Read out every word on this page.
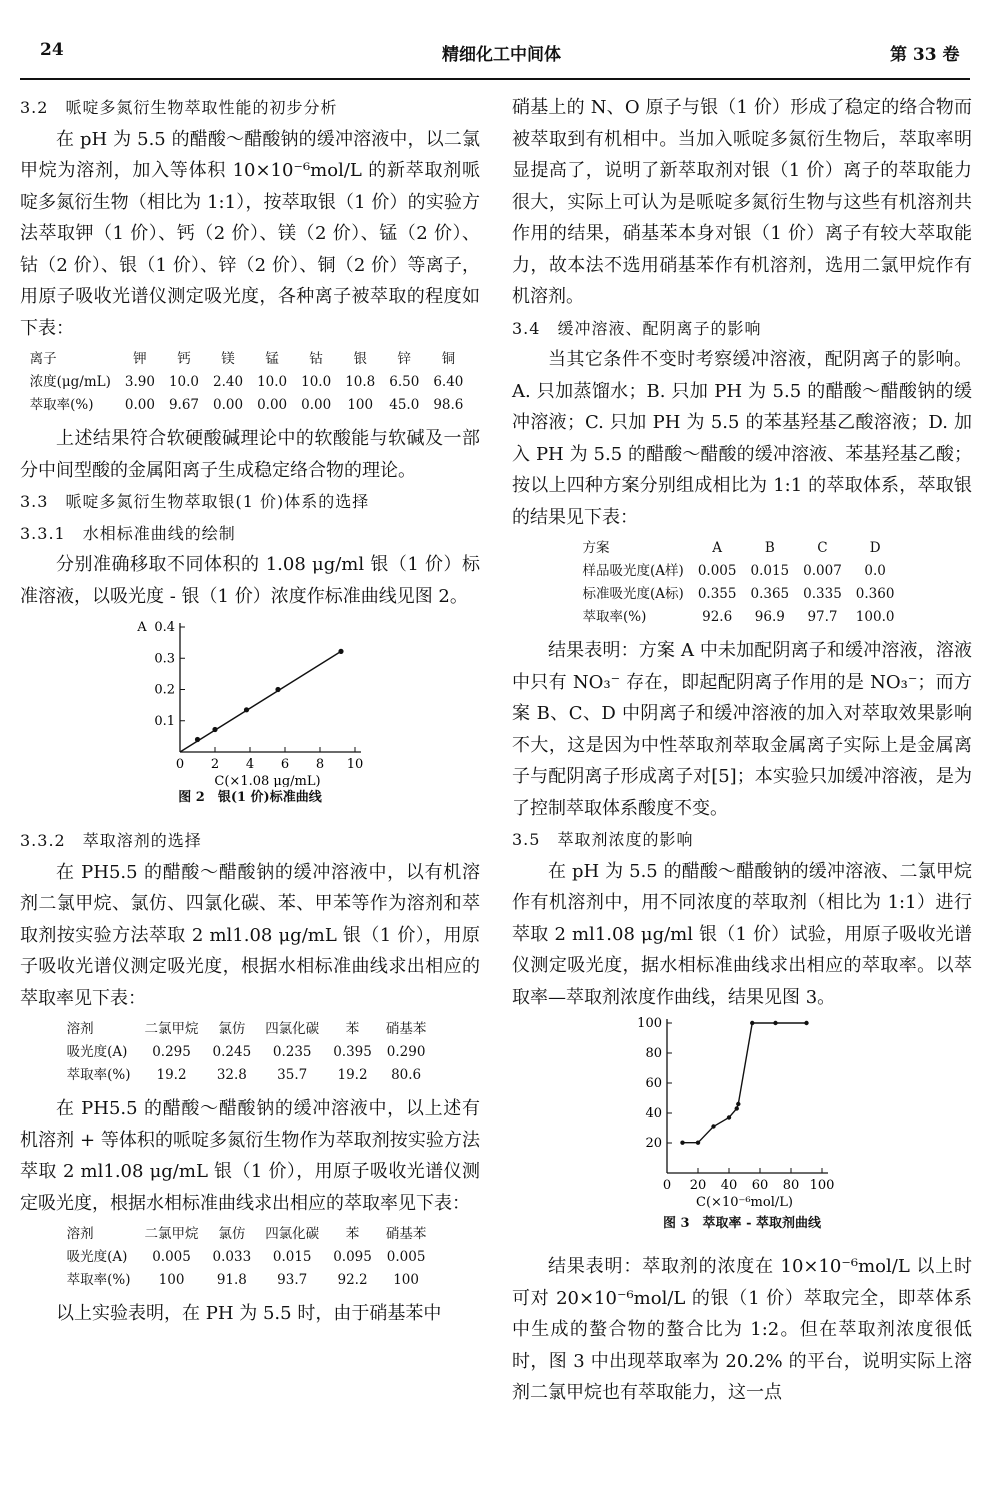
24	精细化工中间体	第 33 卷

3.2　哌啶多氮衍生物萃取性能的初步分析

在 pH 为 5.5 的醋酸～醋酸钠的缓冲溶液中，以二氯甲烷为溶剂，加入等体积 10×10⁻⁶mol/L 的新萃取剂哌啶多氮衍生物（相比为 1:1），按萃取银（1 价）的实验方法萃取钾（1 价）、钙（2 价）、镁（2 价）、锰（2 价）、钴（2 价）、银（1 价）、锌（2 价）、铜（2 价）等离子，用原子吸收光谱仪测定吸光度，各种离子被萃取的程度如下表：

离子	钾	钙	镁	锰	钴	银	锌	铜
浓度(μg/mL)	3.90	10.0	2.40	10.0	10.0	10.8	6.50	6.40
萃取率(%)	0.00	9.67	0.00	0.00	0.00	100	45.0	98.6

上述结果符合软硬酸碱理论中的软酸能与软碱及一部分中间型酸的金属阳离子生成稳定络合物的理论。

3.3　哌啶多氮衍生物萃取银(1 价)体系的选择

3.3.1　水相标准曲线的绘制

分别准确移取不同体积的 1.08 μg/ml 银（1 价）标准溶液，以吸光度 - 银（1 价）浓度作标准曲线见图 2。

0 2 4 6 8 10
0.1
0.2
0.3
0.4
C(×1.08 μg/mL)
A
图 2　银(1 价)标准曲线

3.3.2　萃取溶剂的选择

在 PH5.5 的醋酸～醋酸钠的缓冲溶液中，以有机溶剂二氯甲烷、氯仿、四氯化碳、苯、甲苯等作为溶剂和萃取剂按实验方法萃取 2 ml1.08 μg/mL 银（1 价），用原子吸收光谱仪测定吸光度，根据水相标准曲线求出相应的萃取率见下表：

溶剂	二氯甲烷	氯仿	四氯化碳	苯	硝基苯
吸光度(A)	0.295	0.245	0.235	0.395	0.290
萃取率(%)	19.2	32.8	35.7	19.2	80.6

在 PH5.5 的醋酸～醋酸钠的缓冲溶液中，以上述有机溶剂 + 等体积的哌啶多氮衍生物作为萃取剂按实验方法萃取 2 ml1.08 μg/mL 银（1 价），用原子吸收光谱仪测定吸光度，根据水相标准曲线求出相应的萃取率见下表：

溶剂	二氯甲烷	氯仿	四氯化碳	苯	硝基苯
吸光度(A)	0.005	0.033	0.015	0.095	0.005
萃取率(%)	100	91.8	93.7	92.2	100

以上实验表明，在 PH 为 5.5 时，由于硝基苯中

硝基上的 N、O 原子与银（1 价）形成了稳定的络合物而被萃取到有机相中。当加入哌啶多氮衍生物后，萃取率明显提高了，说明了新萃取剂对银（1 价）离子的萃取能力很大，实际上可认为是哌啶多氮衍生物与这些有机溶剂共作用的结果，硝基苯本身对银（1 价）离子有较大萃取能力，故本法不选用硝基苯作有机溶剂，选用二氯甲烷作有机溶剂。

3.4　缓冲溶液、配阴离子的影响

当其它条件不变时考察缓冲溶液，配阴离子的影响。A. 只加蒸馏水；B. 只加 PH 为 5.5 的醋酸～醋酸钠的缓冲溶液；C. 只加 PH 为 5.5 的苯基羟基乙酸溶液；D. 加入 PH 为 5.5 的醋酸～醋酸的缓冲溶液、苯基羟基乙酸；按以上四种方案分别组成相比为 1:1 的萃取体系，萃取银的结果见下表：

方案	A	B	C	D
样品吸光度(A样)	0.005	0.015	0.007	0.0
标准吸光度(A标)	0.355	0.365	0.335	0.360
萃取率(%)	92.6	96.9	97.7	100.0

结果表明：方案 A 中未加配阴离子和缓冲溶液，溶液中只有 NO₃⁻ 存在，即起配阴离子作用的是 NO₃⁻；而方案 B、C、D 中阴离子和缓冲溶液的加入对萃取效果影响不大，这是因为中性萃取剂萃取金属离子实际上是金属离子与配阴离子形成离子对[5]；本实验只加缓冲溶液，是为了控制萃取体系酸度不变。

3.5　萃取剂浓度的影响

在 pH 为 5.5 的醋酸～醋酸钠的缓冲溶液、二氯甲烷作有机溶剂中，用不同浓度的萃取剂（相比为 1:1）进行萃取 2 ml1.08 μg/ml 银（1 价）试验，用原子吸收光谱仪测定吸光度，据水相标准曲线求出相应的萃取率。以萃取率—萃取剂浓度作曲线，结果见图 3。

0 20 40 60 80 100
20
40
60
80
100
C(×10⁻⁶mol/L)
图 3　萃取率 - 萃取剂曲线

结果表明：萃取剂的浓度在 10×10⁻⁶mol/L 以上时可对 20×10⁻⁶mol/L 的银（1 价）萃取完全，即萃体系中生成的螯合物的螯合比为 1:2。但在萃取剂浓度很低时，图 3 中出现萃取率为 20.2% 的平台，说明实际上溶剂二氯甲烷也有萃取能力，这一点
